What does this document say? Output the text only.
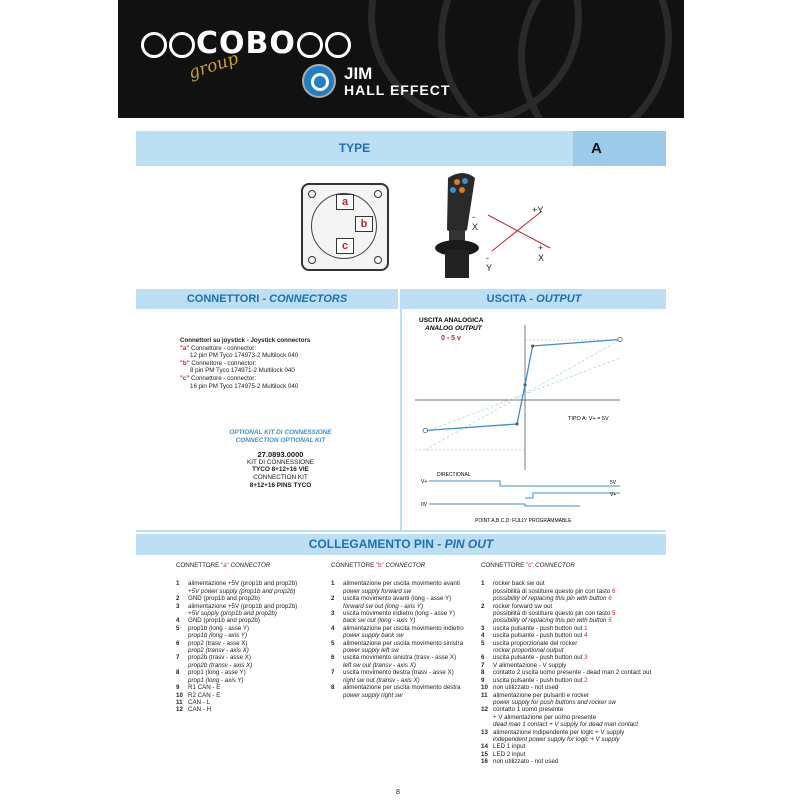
COBO
group	JIM
HALL EFFECT
TYPE	A
a
b
c
+Y
- X
+ X
- Y
CONNETTORI - CONNECTORS	USCITA - OUTPUT
Connettori su joystick - Joystick connectors
"a" Connettore - connector:
12 pin PM Tyco 174973-2 Multilock 040
"b" Connettore - connector:
8 pin PM Tyco 174971-2 Multilock 040
"c" Connettore - connector:
16 pin PM Tyco 174975-2 Multilock 040
OPTIONAL KIT DI CONNESSIONE
CONNECTION OPTIONAL KIT
27.0893.0000
KIT DI CONNESSIONE
TYCO 8+12+16 VIE
CONNECTION KIT
8+12+16 PINS TYCO
USCITA ANALOGICA
ANALOG OUTPUT
0 - 5 v
TIPO A: V+ = 5V
DIRECTIONAL
V+	5V
V+
0V
POINT A,B,C,D: FULLY PROGRAMMABLE
COLLEGAMENTO PIN - PIN OUT
CONNETTORE "a" CONNECTOR
1	alimentazione +5V (prop1b and prop2b)
+5V power supply (prop1b and prop2b)
2	GND (prop1b and prop2b)
3	alimentazione +5V (prop1b and prop2b)
+5V supply (prop1b and prop2b)
4	GND (prop1b and prop2b)
5	prop1b (long - asse Y)
prop1b (long - axis Y)
6	prop2 (trasv - asse X)
prop2 (transv - axis X)
7	prop2b (trasv - asse X)
prop2b (transv - axis X)
8	prop1 (long - asse Y)
prop1 (long - axis Y)
9	R1 CAN - E
10 R2 CAN - E
11 CAN - L
12 CAN - H
CONNETTORE "b" CONNECTOR
1	alimentazione per uscita movimento avanti
power supply forward sw
2	uscita movimento avanti (long - asse Y)
forward sw out (long - axis Y)
3	uscita movimento indietro (long - asse Y)
back sw out (long - axis Y)
4	alimentazione per uscita movimento indietro
power supply back sw
5	alimentazione per uscita movimento sinistra
power supply left sw
6	uscita movimento sinistra (trasv - asse X)
left sw out (transv - axis X)
7	uscita movimento destra (trasv - asse X)
right sw out (transv - axis X)
8	alimentazione per uscita movimento destra
power supply right sw
CONNETTORE "c" CONNECTOR
1	rocker back sw out
possibilità di sostituire questo pin con tasto 6
possibility of replacing this pin with button 6
2	rocker forward sw out
possibilità di sostituire questo pin con tasto 5
possibility of replacing this pin with button 5
3	uscita pulsante - push button out 1
4	uscita pulsante - push button out 4
5	uscita proporzionale del rocker
rocker proportional output
6	uscita pulsante - push button out 3
7	V alimentazione - V supply
8	contatto 2 uscita uomo presente - dead man 2 contact out
9	uscita pulsante - push button out 2
10 non utilizzato - not used
11 alimentazione per pulsanti e rocker
power supply for push buttons and rocker sw
12 contatto 1 uomo presente
+ V alimentazione per uomo presente
dead man 1 contact + V supply for dead man contact
13 alimentazione indipendente per logic + V supply
independent power supply for logic + V supply
14 LED 1 input
15 LED 2 input
16 non utilizzato - not used
8
